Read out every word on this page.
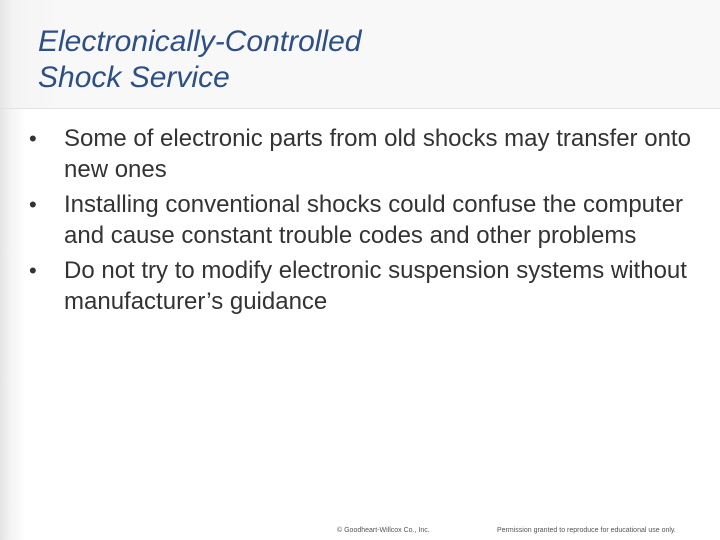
Electronically-Controlled
Shock Service
• Some of electronic parts from old shocks may transfer onto new ones
• Installing conventional shocks could confuse the computer and cause constant trouble codes and other problems
• Do not try to modify electronic suspension systems without manufacturer’s guidance
© Goodheart-Willcox Co., Inc.	Permission granted to reproduce for educational use only.
